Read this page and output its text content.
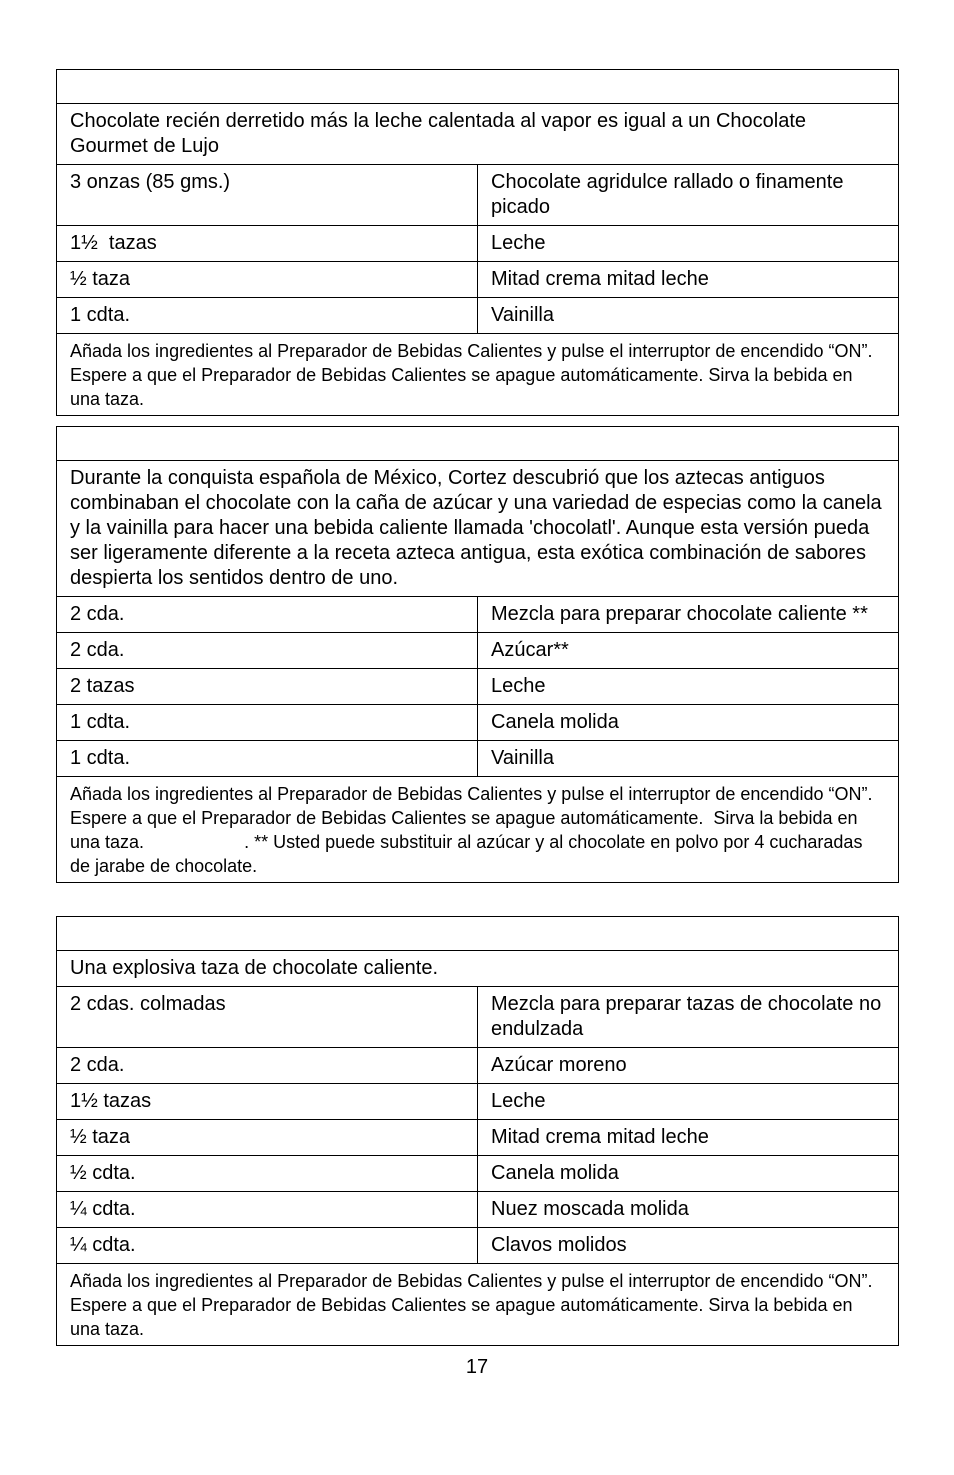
Chocolate recién derretido más la leche calentada al vapor es igual a un Chocolate Gourmet de Lujo	
3 onzas (85 gms.)	Chocolate agridulce rallado o finamente picado
1½  tazas	Leche
½ taza	Mitad crema mitad leche
1 cdta.	Vainilla
Añada los ingredientes al Preparador de Bebidas Calientes y pulse el interruptor de encendido “ON”. Espere a que el Preparador de Bebidas Calientes se apague automáticamente. Sirva la bebida en una taza.	

Durante la conquista española de México, Cortez descubrió que los aztecas antiguos combinaban el chocolate con la caña de azúcar y una variedad de especias como la canela y la vainilla para hacer una bebida caliente llamada 'chocolatl'. Aunque esta versión pueda ser ligeramente diferente a la receta azteca antigua, esta exótica combinación de sabores despierta los sentidos dentro de uno.	
2 cda.	Mezcla para preparar chocolate caliente **
2 cda.	Azúcar**
2 tazas	Leche
1 cdta.	Canela molida
1 cdta.	Vainilla
Añada los ingredientes al Preparador de Bebidas Calientes y pulse el interruptor de encendido “ON”.  Espere a que el Preparador de Bebidas Calientes se apague automáticamente.  Sirva la bebida en una taza.                    . ** Usted puede substituir al azúcar y al chocolate en polvo por 4 cucharadas de jarabe de chocolate.	

Una explosiva taza de chocolate caliente.	
2 cdas. colmadas	Mezcla para preparar tazas de chocolate no endulzada
2 cda.	Azúcar moreno
1½ tazas	Leche
½ taza	Mitad crema mitad leche
½ cdta.	Canela molida
¼ cdta.	Nuez moscada molida
¼ cdta.	Clavos molidos
Añada los ingredientes al Preparador de Bebidas Calientes y pulse el interruptor de encendido “ON”. Espere a que el Preparador de Bebidas Calientes se apague automáticamente. Sirva la bebida en una taza.	
17
